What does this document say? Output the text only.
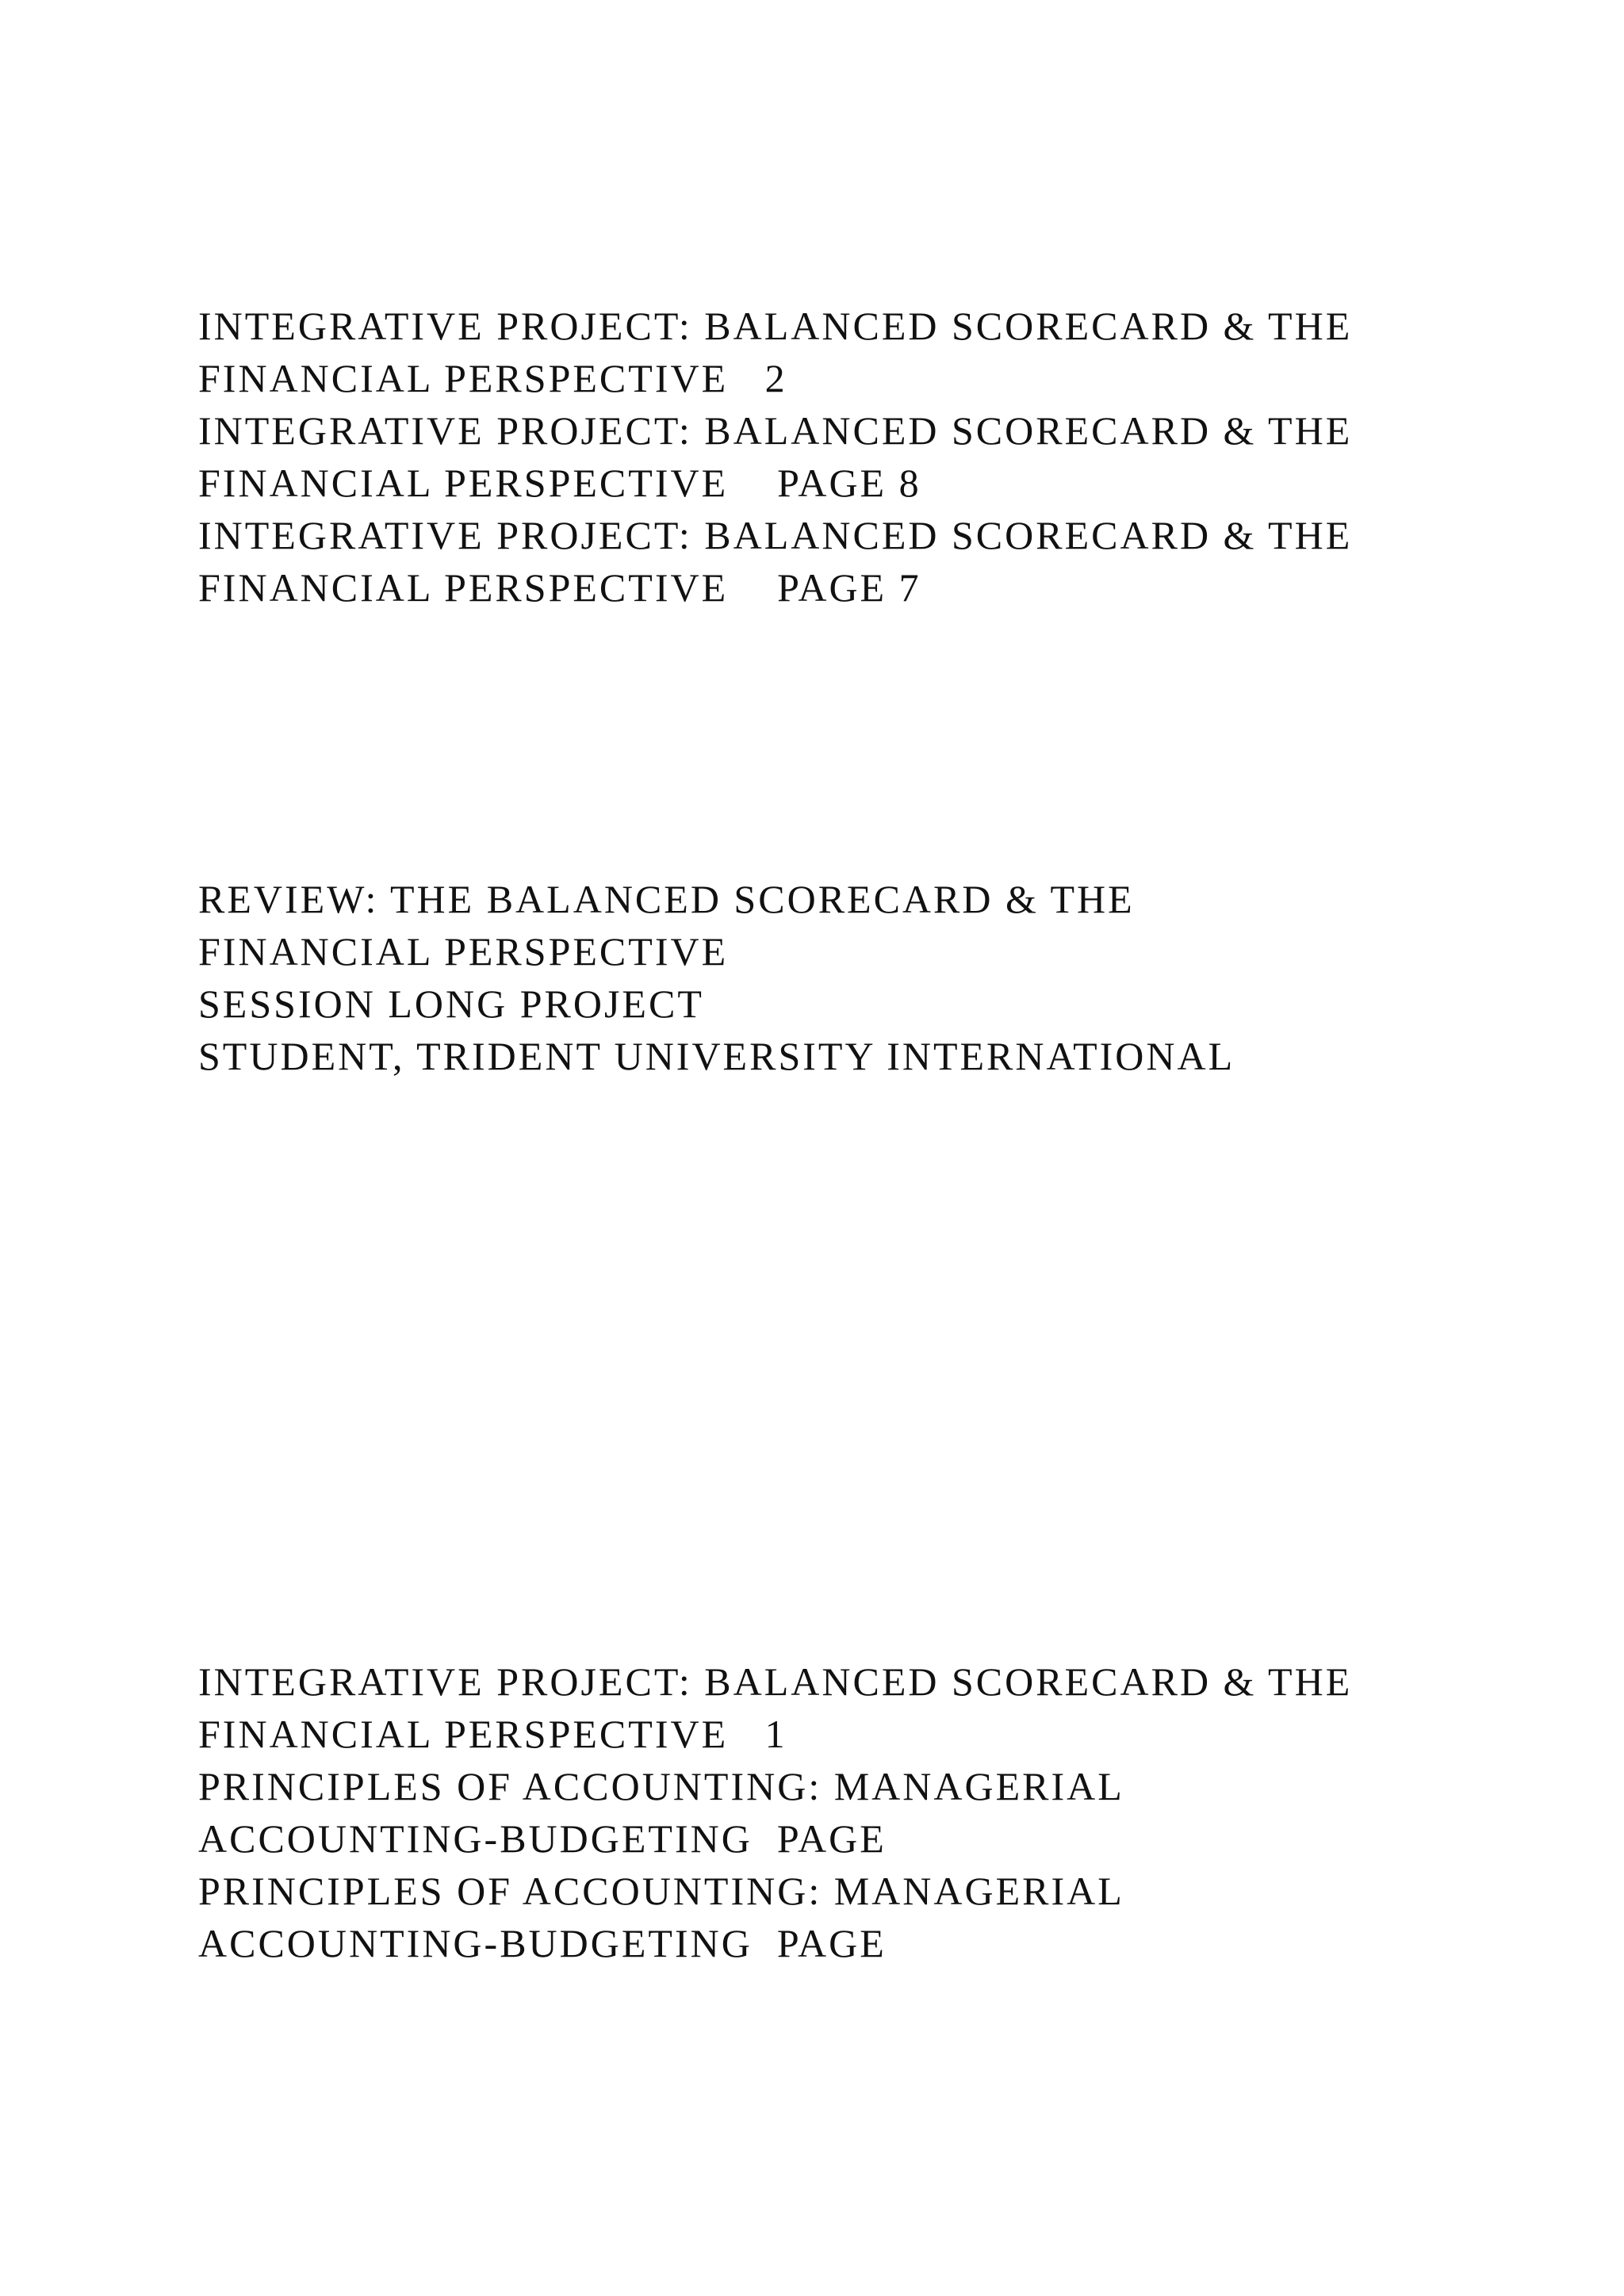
INTEGRATIVE PROJECT: BALANCED SCORECARD & THE

FINANCIAL PERSPECTIVE   2

INTEGRATIVE PROJECT: BALANCED SCORECARD & THE

FINANCIAL PERSPECTIVE    PAGE 8

INTEGRATIVE PROJECT: BALANCED SCORECARD & THE

FINANCIAL PERSPECTIVE    PAGE 7

REVIEW: THE BALANCED SCORECARD & THE

FINANCIAL PERSPECTIVE

SESSION LONG PROJECT

STUDENT, TRIDENT UNIVERSITY INTERNATIONAL

INTEGRATIVE PROJECT: BALANCED SCORECARD & THE

FINANCIAL PERSPECTIVE   1

PRINCIPLES OF ACCOUNTING: MANAGERIAL

ACCOUNTING-BUDGETING  PAGE

PRINCIPLES OF ACCOUNTING: MANAGERIAL

ACCOUNTING-BUDGETING  PAGE
